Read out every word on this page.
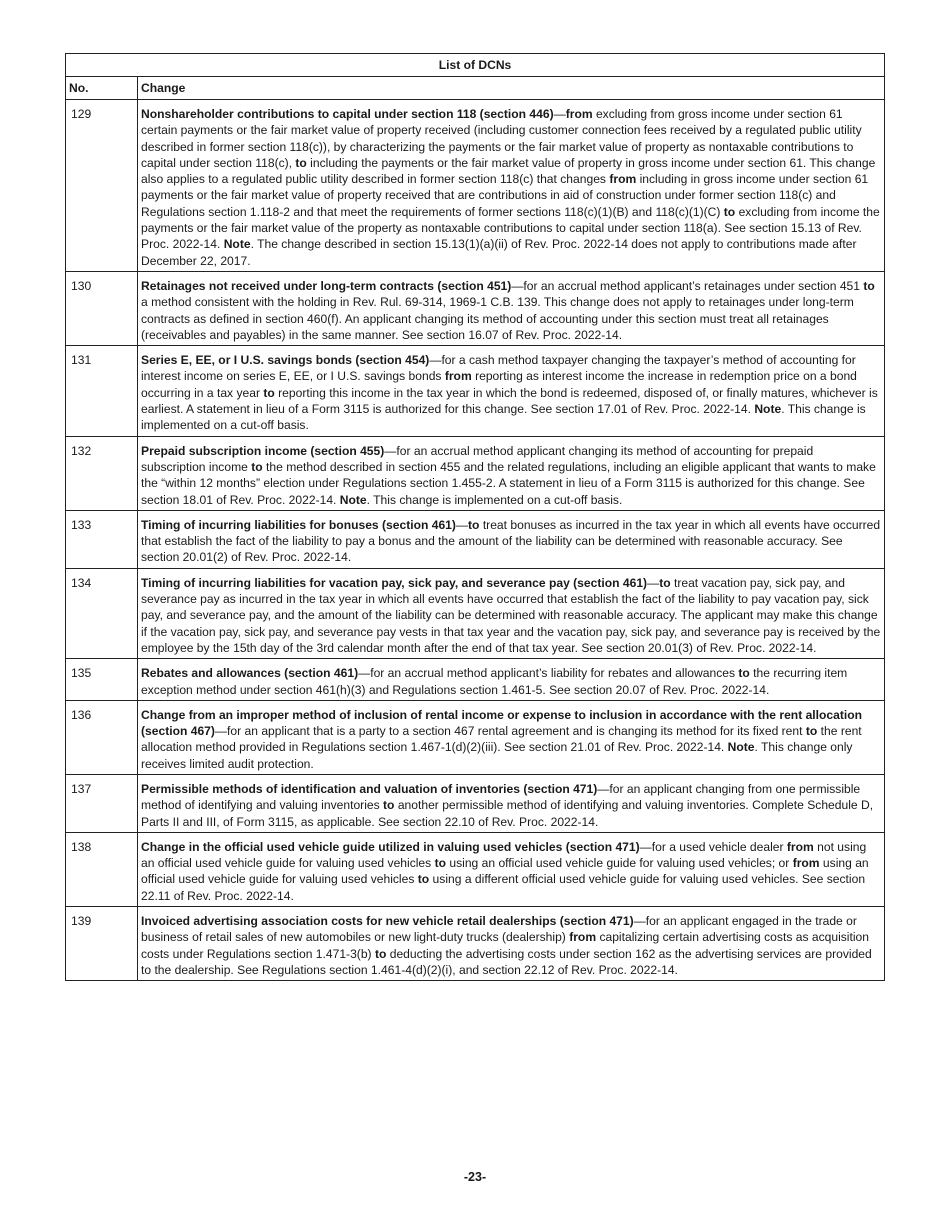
List of DCNs	
No.	Change
129	Nonshareholder contributions to capital under section 118 (section 446)—from excluding from gross income under section 61 certain payments or the fair market value of property received (including customer connection fees received by a regulated public utility described in former section 118(c)), by characterizing the payments or the fair market value of property as nontaxable contributions to capital under section 118(c), to including the payments or the fair market value of property in gross income under section 61. This change also applies to a regulated public utility described in former section 118(c) that changes from including in gross income under section 61 payments or the fair market value of property received that are contributions in aid of construction under former section 118(c) and Regulations section 1.118-2 and that meet the requirements of former sections 118(c)(1)(B) and 118(c)(1)(C) to excluding from income the payments or the fair market value of the property as nontaxable contributions to capital under section 118(a). See section 15.13 of Rev. Proc. 2022-14. Note. The change described in section 15.13(1)(a)(ii) of Rev. Proc. 2022-14 does not apply to contributions made after December 22, 2017.
130	Retainages not received under long-term contracts (section 451)—for an accrual method applicant’s retainages under section 451 to a method consistent with the holding in Rev. Rul. 69-314, 1969-1 C.B. 139. This change does not apply to retainages under long-term contracts as defined in section 460(f). An applicant changing its method of accounting under this section must treat all retainages (receivables and payables) in the same manner. See section 16.07 of Rev. Proc. 2022-14.
131	Series E, EE, or I U.S. savings bonds (section 454)—for a cash method taxpayer changing the taxpayer’s method of accounting for interest income on series E, EE, or I U.S. savings bonds from reporting as interest income the increase in redemption price on a bond occurring in a tax year to reporting this income in the tax year in which the bond is redeemed, disposed of, or finally matures, whichever is earliest. A statement in lieu of a Form 3115 is authorized for this change. See section 17.01 of Rev. Proc. 2022-14. Note. This change is implemented on a cut-off basis.
132	Prepaid subscription income (section 455)—for an accrual method applicant changing its method of accounting for prepaid subscription income to the method described in section 455 and the related regulations, including an eligible applicant that wants to make the “within 12 months” election under Regulations section 1.455-2. A statement in lieu of a Form 3115 is authorized for this change. See section 18.01 of Rev. Proc. 2022-14. Note. This change is implemented on a cut-off basis.
133	Timing of incurring liabilities for bonuses (section 461)—to treat bonuses as incurred in the tax year in which all events have occurred that establish the fact of the liability to pay a bonus and the amount of the liability can be determined with reasonable accuracy. See section 20.01(2) of Rev. Proc. 2022-14.
134	Timing of incurring liabilities for vacation pay, sick pay, and severance pay (section 461)—to treat vacation pay, sick pay, and severance pay as incurred in the tax year in which all events have occurred that establish the fact of the liability to pay vacation pay, sick pay, and severance pay, and the amount of the liability can be determined with reasonable accuracy. The applicant may make this change if the vacation pay, sick pay, and severance pay vests in that tax year and the vacation pay, sick pay, and severance pay is received by the employee by the 15th day of the 3rd calendar month after the end of that tax year. See section 20.01(3) of Rev. Proc. 2022-14.
135	Rebates and allowances (section 461)—for an accrual method applicant’s liability for rebates and allowances to the recurring item exception method under section 461(h)(3) and Regulations section 1.461-5. See section 20.07 of Rev. Proc. 2022-14.
136	Change from an improper method of inclusion of rental income or expense to inclusion in accordance with the rent allocation (section 467)—for an applicant that is a party to a section 467 rental agreement and is changing its method for its fixed rent to the rent allocation method provided in Regulations section 1.467-1(d)(2)(iii). See section 21.01 of Rev. Proc. 2022-14. Note. This change only receives limited audit protection.
137	Permissible methods of identification and valuation of inventories (section 471)—for an applicant changing from one permissible method of identifying and valuing inventories to another permissible method of identifying and valuing inventories. Complete Schedule D, Parts II and III, of Form 3115, as applicable. See section 22.10 of Rev. Proc. 2022-14.
138	Change in the official used vehicle guide utilized in valuing used vehicles (section 471)—for a used vehicle dealer from not using an official used vehicle guide for valuing used vehicles to using an official used vehicle guide for valuing used vehicles; or from using an official used vehicle guide for valuing used vehicles to using a different official used vehicle guide for valuing used vehicles. See section 22.11 of Rev. Proc. 2022-14.
139	Invoiced advertising association costs for new vehicle retail dealerships (section 471)—for an applicant engaged in the trade or business of retail sales of new automobiles or new light-duty trucks (dealership) from capitalizing certain advertising costs as acquisition costs under Regulations section 1.471-3(b) to deducting the advertising costs under section 162 as the advertising services are provided to the dealership. See Regulations section 1.461-4(d)(2)(i), and section 22.12 of Rev. Proc. 2022-14.
-23-
